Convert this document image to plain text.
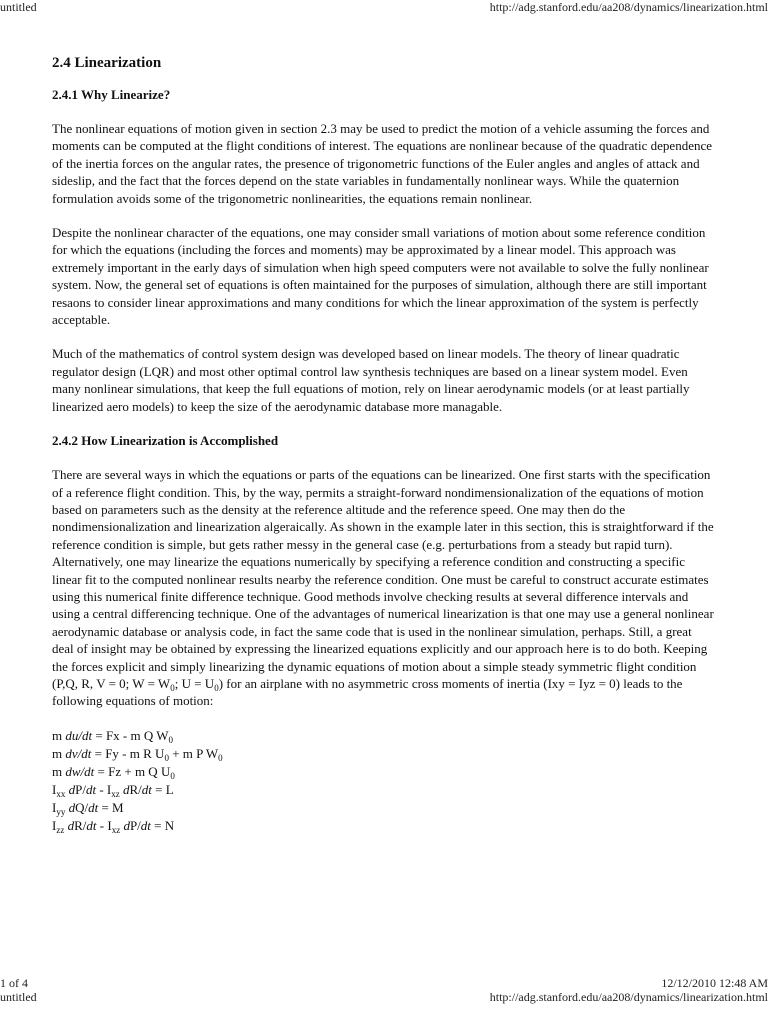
untitled	http://adg.stanford.edu/aa208/dynamics/linearization.html
2.4 Linearization
2.4.1 Why Linearize?

The nonlinear equations of motion given in section 2.3 may be used to predict the motion of a vehicle assuming the forces and moments can be computed at the flight conditions of interest. The equations are nonlinear because of the quadratic dependence of the inertia forces on the angular rates, the presence of trigonometric functions of the Euler angles and angles of attack and sideslip, and the fact that the forces depend on the state variables in fundamentally nonlinear ways. While the quaternion formulation avoids some of the trigonometric nonlinearities, the equations remain nonlinear.

Despite the nonlinear character of the equations, one may consider small variations of motion about some reference condition for which the equations (including the forces and moments) may be approximated by a linear model. This approach was extremely important in the early days of simulation when high speed computers were not available to solve the fully nonlinear system. Now, the general set of equations is often maintained for the purposes of simulation, although there are still important resaons to consider linear approximations and many conditions for which the linear approximation of the system is perfectly acceptable.

Much of the mathematics of control system design was developed based on linear models. The theory of linear quadratic regulator design (LQR) and most other optimal control law synthesis techniques are based on a linear system model. Even many nonlinear simulations, that keep the full equations of motion, rely on linear aerodynamic models (or at least partially linearized aero models) to keep the size of the aerodynamic database more managable.

2.4.2 How Linearization is Accomplished

There are several ways in which the equations or parts of the equations can be linearized. One first starts with the specification of a reference flight condition. This, by the way, permits a straight-forward nondimensionalization of the equations of motion based on parameters such as the density at the reference altitude and the reference speed. One may then do the nondimensionalization and linearization algeraically. As shown in the example later in this section, this is straightforward if the reference condition is simple, but gets rather messy in the general case (e.g. perturbations from a steady but rapid turn). Alternatively, one may linearize the equations numerically by specifying a reference condition and constructing a specific linear fit to the computed nonlinear results nearby the reference condition. One must be careful to construct accurate estimates using this numerical finite difference technique. Good methods involve checking results at several difference intervals and using a central differencing technique. One of the advantages of numerical linearization is that one may use a general nonlinear aerodynamic database or analysis code, in fact the same code that is used in the nonlinear simulation, perhaps. Still, a great deal of insight may be obtained by expressing the linearized equations explicitly and our approach here is to do both. Keeping the forces explicit and simply linearizing the dynamic equations of motion about a simple steady symmetric flight condition (P,Q, R, V = 0; $W = W_0$; $U = U_0$) for an airplane with no asymmetric cross moments of inertia (Ixy = Iyz = 0) leads to the following equations of motion:

m du/dt = Fx - m Q $W_0$
m dv/dt = Fy - m R $U_0 + m$ P $W_0$
m dw/dt = Fz + m Q $U_0$
$I_{xx}$ $dP/dt - I_{xz}$ dR/dt = L
$I_{yy}$ dQ/dt = M
$I_{zz}$ $dR/dt - I_{xz}$ dP/dt = N
1 of 4	12/12/2010 12:48 AM
untitled	http://adg.stanford.edu/aa208/dynamics/linearization.html
